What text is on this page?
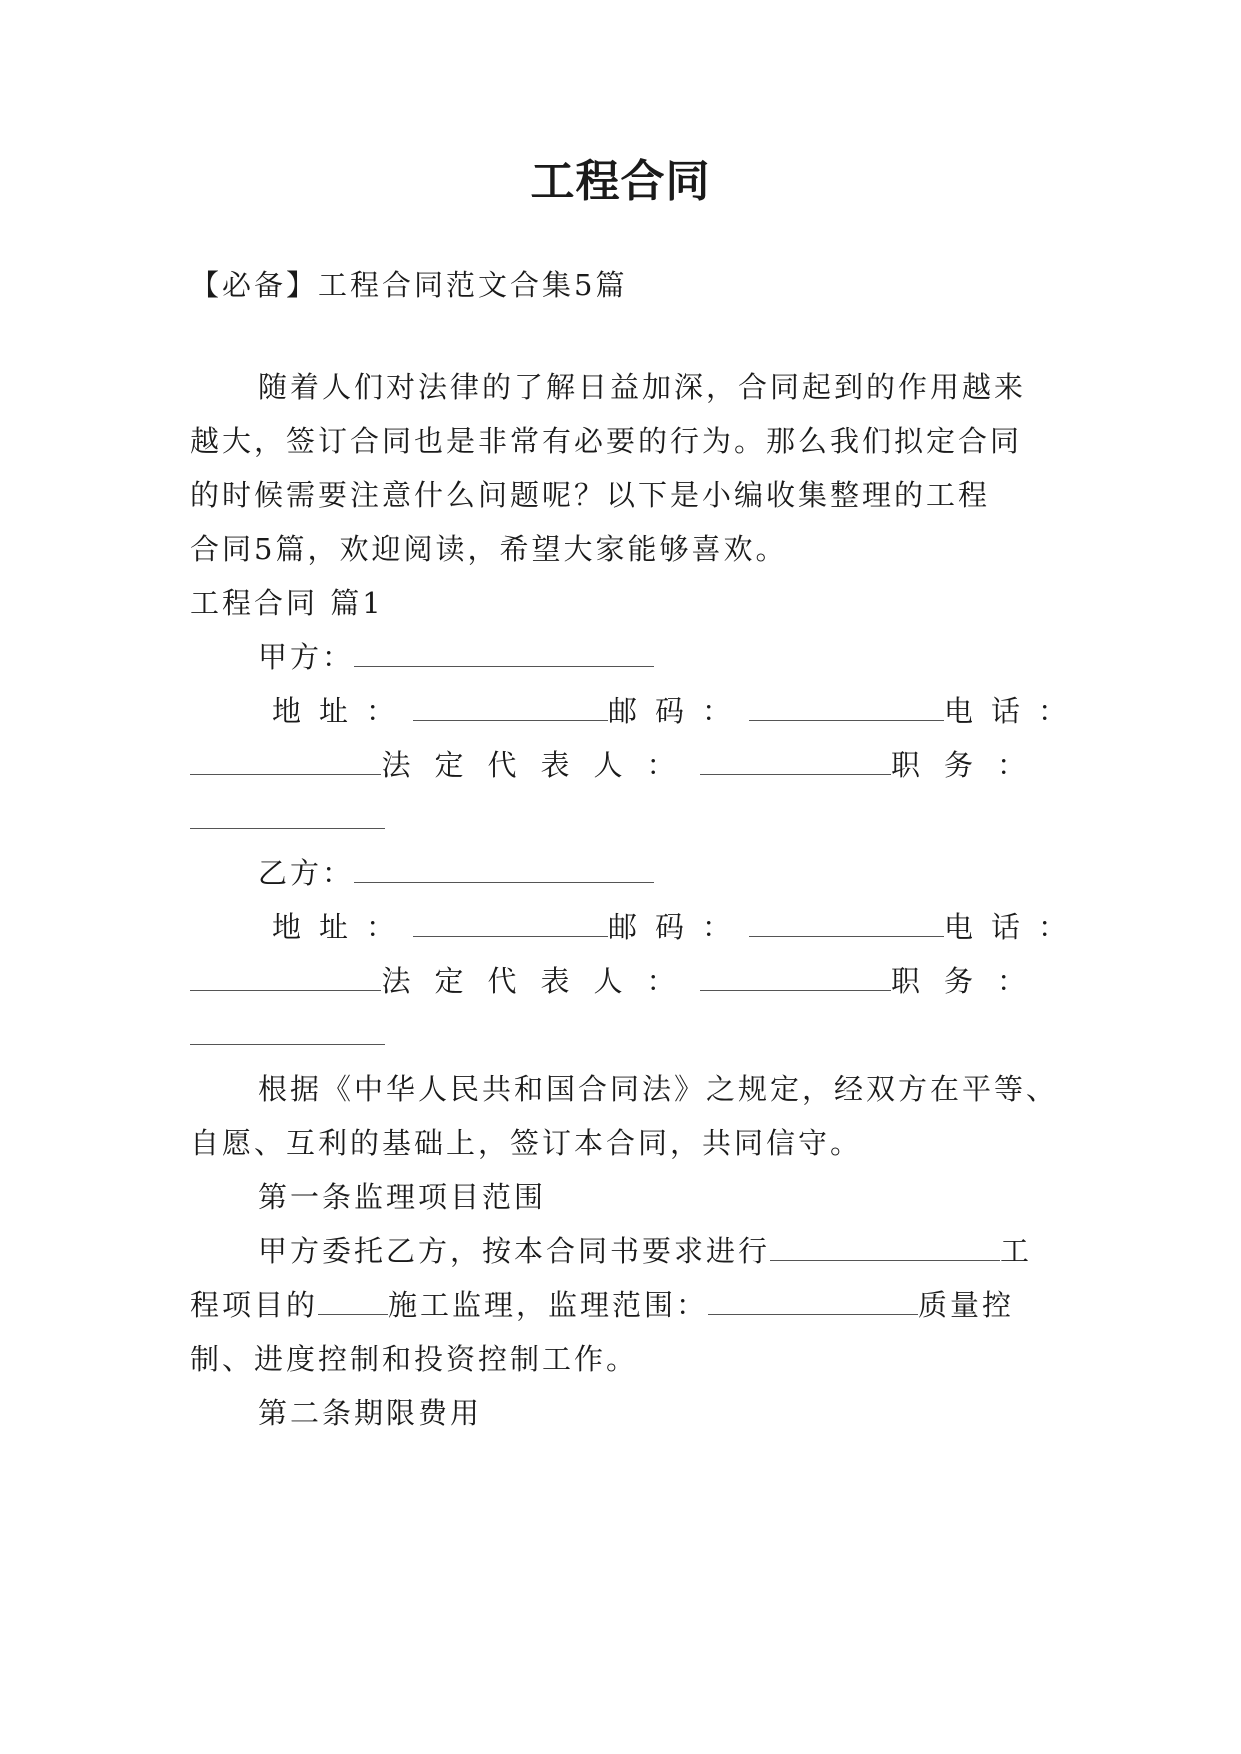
工程合同
【必备】工程合同范文合集5篇
随着人们对法律的了解日益加深，合同起到的作用越来
越大，签订合同也是非常有必要的行为。那么我们拟定合同
的时候需要注意什么问题呢？以下是小编收集整理的工程
合同5篇，欢迎阅读，希望大家能够喜欢。
工程合同 篇1
甲方：
地址：	邮码：	电话：
法定代表人：	职务：
乙方：
地址：	邮码：	电话：
法定代表人：	职务：
根据《中华人民共和国合同法》之规定，经双方在平等、
自愿、互利的基础上，签订本合同，共同信守。
第一条监理项目范围
甲方委托乙方，按本合同书要求进行	工
程项目的 施工监理，监理范围：	质量控
制、进度控制和投资控制工作。
第二条期限费用
